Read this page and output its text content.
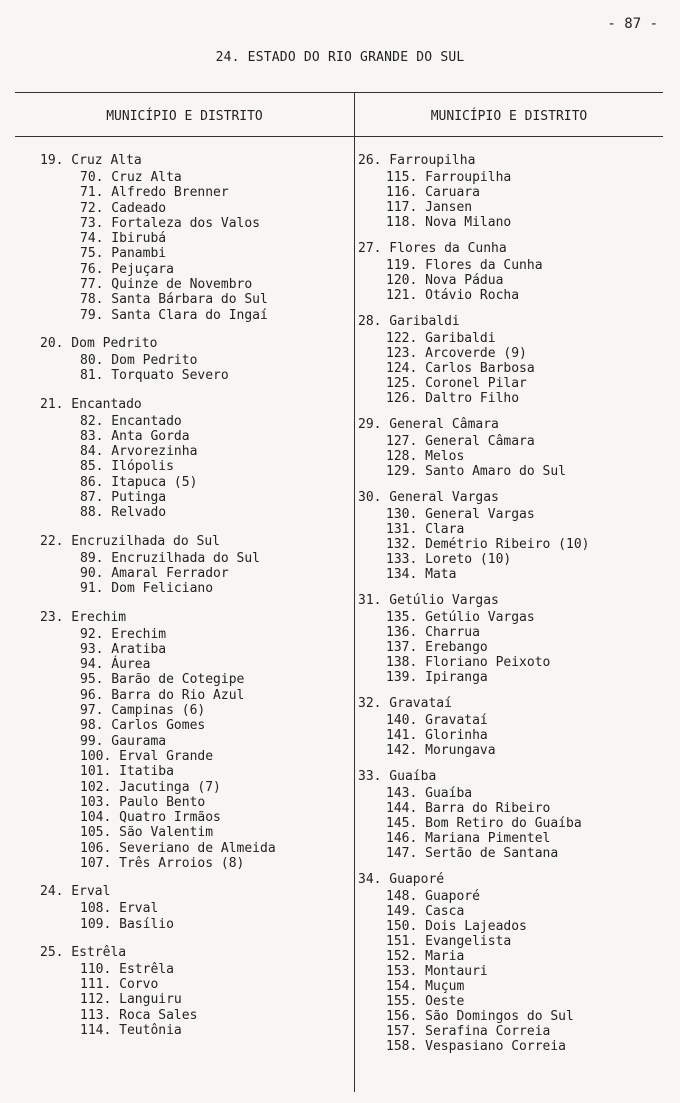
- 87 -
24. ESTADO DO RIO GRANDE DO SUL
MUNICÍPIO E DISTRITO	MUNICÍPIO E DISTRITO
19. Cruz Alta
70. Cruz Alta
71. Alfredo Brenner
72. Cadeado
73. Fortaleza dos Valos
74. Ibirubá
75. Panambi
76. Pejuçara
77. Quinze de Novembro
78. Santa Bárbara do Sul
79. Santa Clara do Ingaí
20. Dom Pedrito
80. Dom Pedrito
81. Torquato Severo
21. Encantado
82. Encantado
83. Anta Gorda
84. Arvorezinha
85. Ilópolis
86. Itapuca (5)
87. Putinga
88. Relvado
22. Encruzilhada do Sul
89. Encruzilhada do Sul
90. Amaral Ferrador
91. Dom Feliciano
23. Erechim
92. Erechim
93. Aratiba
94. Áurea
95. Barão de Cotegipe
96. Barra do Rio Azul
97. Campinas (6)
98. Carlos Gomes
99. Gaurama
100. Erval Grande
101. Itatiba
102. Jacutinga (7)
103. Paulo Bento
104. Quatro Irmãos
105. São Valentim
106. Severiano de Almeida
107. Três Arroios (8)
24. Erval
108. Erval
109. Basílio
25. Estrêla
110. Estrêla
111. Corvo
112. Languiru
113. Roca Sales
114. Teutônia
26. Farroupilha
115. Farroupilha
116. Caruara
117. Jansen
118. Nova Milano
27. Flores da Cunha
119. Flores da Cunha
120. Nova Pádua
121. Otávio Rocha
28. Garibaldi
122. Garibaldi
123. Arcoverde (9)
124. Carlos Barbosa
125. Coronel Pilar
126. Daltro Filho
29. General Câmara
127. General Câmara
128. Melos
129. Santo Amaro do Sul
30. General Vargas
130. General Vargas
131. Clara
132. Demétrio Ribeiro (10)
133. Loreto (10)
134. Mata
31. Getúlio Vargas
135. Getúlio Vargas
136. Charrua
137. Erebango
138. Floriano Peixoto
139. Ipiranga
32. Gravataí
140. Gravataí
141. Glorinha
142. Morungava
33. Guaíba
143. Guaíba
144. Barra do Ribeiro
145. Bom Retiro do Guaíba
146. Mariana Pimentel
147. Sertão de Santana
34. Guaporé
148. Guaporé
149. Casca
150. Dois Lajeados
151. Evangelista
152. Maria
153. Montauri
154. Muçum
155. Oeste
156. São Domingos do Sul
157. Serafina Correia
158. Vespasiano Correia
